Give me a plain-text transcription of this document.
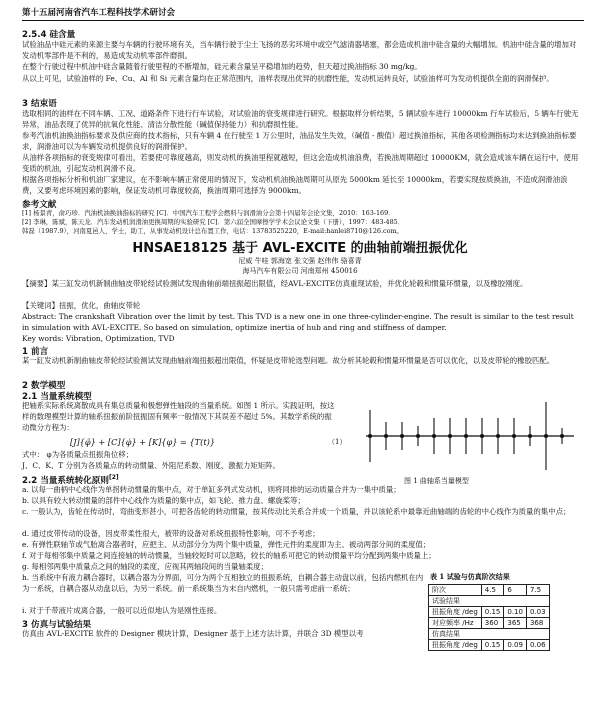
第十五届河南省汽车工程科技学术研讨会
2.5.4 硅含量
试验油品中硅元素的来源主要与车辆的行驶环境有关，当车辆行驶于尘土飞扬的恶劣环境中或空气滤清器堵塞，都会造成机油中硅含量的大幅增加。机油中硅含量的增加对发动机零部件是不利的，易造成发动机零部件磨损。
在整个行驶过程中机油中硅含量随着行驶里程的不断增加，硅元素含量呈平稳增加的趋势，但天超过换油指标 30 mg/kg。
从以上可见，试验油样的 Fe、Cu、Al 和 Si 元素含量均在正常范围内，油样表现出优异的抗磨性能，发动机运转良好，试验油样可为发动机提供全面的润滑保护。
3 结束语
选取相同的油样在不同车辆、工况、道路条件下进行行车试验，对试验油的衰变规律进行研究。根据取样分析结果，5 辆试验车进行 10000km 行车试验后，5 辆车行驶无异常，油品表现了优异的抗氧化性能、清洁分散性能（碱值保持能力）和抗磨损性能。
参考汽油机油换油指标要求及供应商的技术指标，只有车辆 4 在行驶至 1 万公里时，油品发生失效，（碱值 - 酸值）超过换油指标，其他各项检测指标均未达到换油指标要求，润滑油可以为车辆发动机提供良好的润滑保护。
从油样各项指标的衰变规律可看出，若要使可靠度越高，则发动机的换油里程就越短，但这会造成机油浪费，若换油周期超过 10000KM，就会造成该车辆在运行中，使用变质的机油，引起发动机润滑不良。
根据各项指标分析和机油厂家建议，在不影响车辆正常使用的情况下，发动机机油换油周期可从原先 5000km 延长至 10000km，若要实现按质换油，不造成润滑油浪费，又要考虑环境因素的影响，保证发动机可靠度较高，换油周期可选择为 9000km。
参考文献
[1] 杨景青，俞巧珍．汽油机油换油指标的研究 [C]．中国汽车工程学会燃料与润滑油分会第十四届年会论文集，2010：163-169．
[2] 李琳，陈斌，陈天龙．汽车发动机润滑油更换周期的实验研究 [C]．第六届全国摩擦学学术会议论文集（下册），1997：483-485．
韩磊（1987.9），河南夏邑人，学士，助工，从事发动机设计总布置工作，电话：13783525220，E-mail:hanlei8710@126.com。
HNSAE18125 基于 AVL-EXCITE 的曲轴前端扭振优化
尼威 牛哇 郭海宽 张文强 赵伟伟 骆喜青
海马汽车有限公司 河南郑州 450016
【摘要】某三缸发动机新制曲轴皮带轮经试验测试发现曲轴前端扭振超出限值，经AVL-EXCITE仿真重现试验，并优化轮毂和惯量环惯量，以及橡胶刚度。
【关键词】扭振，优化，曲轴皮带轮
Abstract: The crankshaft Vibration over the limit by test. This TVD is a new one in one three-cylinder-engine. The result is similar to the test result in simulation with AVL-EXCITE. So based on simulation, optimize inertia of hub and ring and stiffness of damper.
Key words: Vibration, Optimization, TVD
1 前言
某一缸发动机新制曲轴皮带轮经试验测试发现曲轴前端扭振超出限值，怀疑是皮带轮选型问题。故分析其轮毂和惯量环惯量是否可以优化，以及皮带轮的橡胶匹配。
2 数学模型
2.1 当量系统模型
把轴系实际系统离散成具有集总质量和极想弹性轴段的当量系统。如图 1 所示。实践证明，按这样的数理模型计算的轴系扭振前阶扭振固有频率一般情况下其误差不超过 5%。其数学系统的振动微分方程为：
[J]{φ̈} + [C]{φ̇} + [K]{φ} = {T(t)}	（1）
式中： φ为各质量点扭振角位移；
J、C、K、T 分别为各质量点的转动惯量、外阻尼系数、刚度、激振力矩矩阵。
图 1 曲轴系当量模型
2.2 当量系统转化原则[2]
a. 以每一曲柄中心线作为单拐转动惯量的集中点，对于单缸多列式发动机，则将同排的运动质量合并为一集中质量；
b. 以具有较大转动惯量的部件中心线作为质量的集中点，如飞轮、推力盘、螺旋桨等；
c. 一般认为，齿轮在传动时，弯曲变形甚小，可把各齿轮的转动惯量，按其传动比关系合并成一个质量，并以该轮系中最靠近曲轴端的齿轮的中心线作为质量的集中点；
d. 通过皮带传动的设备，因皮带柔性很大，被带的设备对系统扭振特性影响，可不予考虑；
e. 有弹性联轴节或气胎离合器者时，应把主、从动部分分为两个集中质量，弹性元件的柔度即为主、被动两部分间的柔度值；
f. 对于每相邻集中质量之间连接轴的转动惯量，当轴较短时可以忽略，较长的轴系可把它的转动惯量平均分配到两集中质量上；
g. 每相邻两集中质量点之间的轴段的柔度，应视其两轴段间的当量轴柔度；
h. 当系统中有液力耦合器时，以耦合器为分界面，可分为两个互相独立的扭振系统，自耦合器主动盘以前，包括内燃机在内为一系统，自耦合器从动盘以后，为另一系统。前一系统集当为末自内燃机，一般只需考虑前一系统；
i. 对于千带液片成离合器，一般可以近似地认为是刚性连接。
3 仿真与试验结果
仿真由 AVL-EXCITE 软件的 Designer 模块计算，Designer 基于上述方法计算，并联合 3D 模型以考
表 1 试验与仿真阶次结果
阶次	4.5	6	7.5
试验结果			
扭振角度 /deg	0.15	0.10	0.03
对应频率 /Hz	360	365	368
仿真结果			
扭振角度 /deg	0.15	0.09	0.06
